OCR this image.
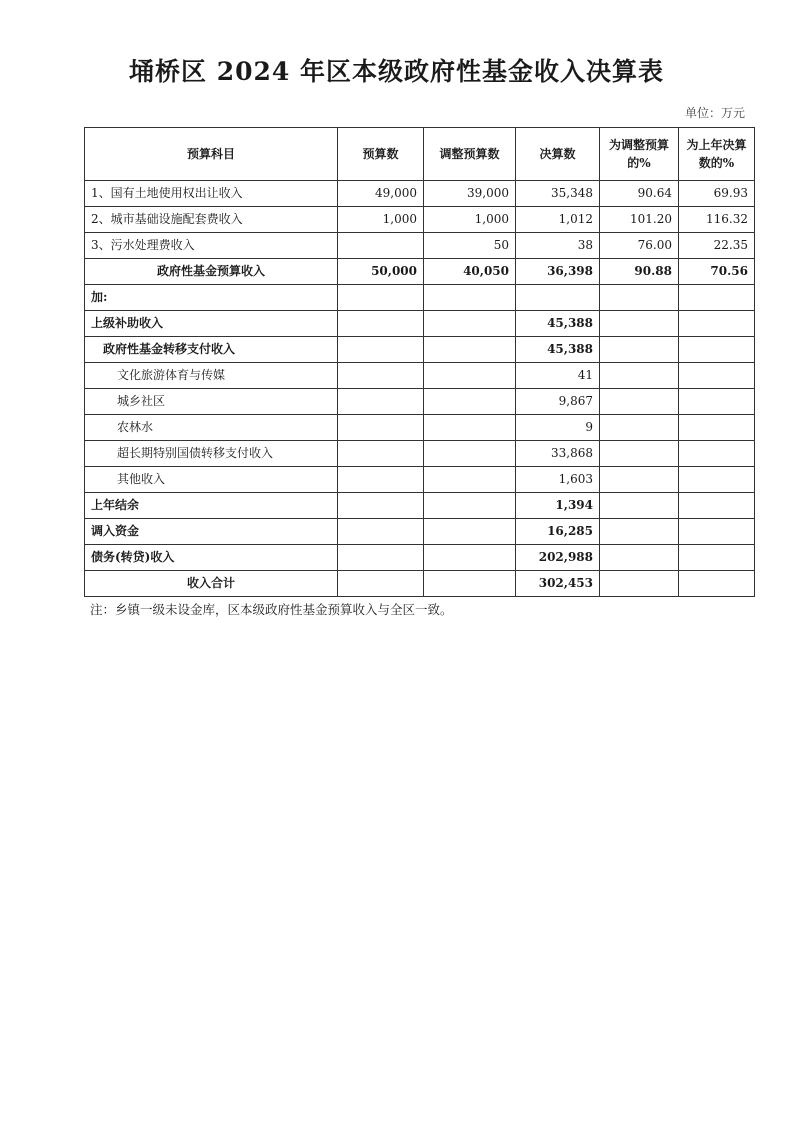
埇桥区 2024 年区本级政府性基金收入决算表
单位：万元
预算科目	预算数	调整预算数	决算数	为调整预算的%	为上年决算数的%
1、国有土地使用权出让收入	49,000	39,000	35,348	90.64	69.93
2、城市基础设施配套费收入	1,000	1,000	1,012	101.20	116.32
3、污水处理费收入		50	38	76.00	22.35
政府性基金预算收入	50,000	40,050	36,398	90.88	70.56
加:					
上级补助收入			45,388		
政府性基金转移支付收入			45,388		
文化旅游体育与传媒			41		
城乡社区			9,867		
农林水			9		
超长期特别国债转移支付收入			33,868		
其他收入			1,603		
上年结余			1,394		
调入资金			16,285		
债务(转贷)收入			202,988		
收入合计			302,453		
注：乡镇一级未设金库，区本级政府性基金预算收入与全区一致。
